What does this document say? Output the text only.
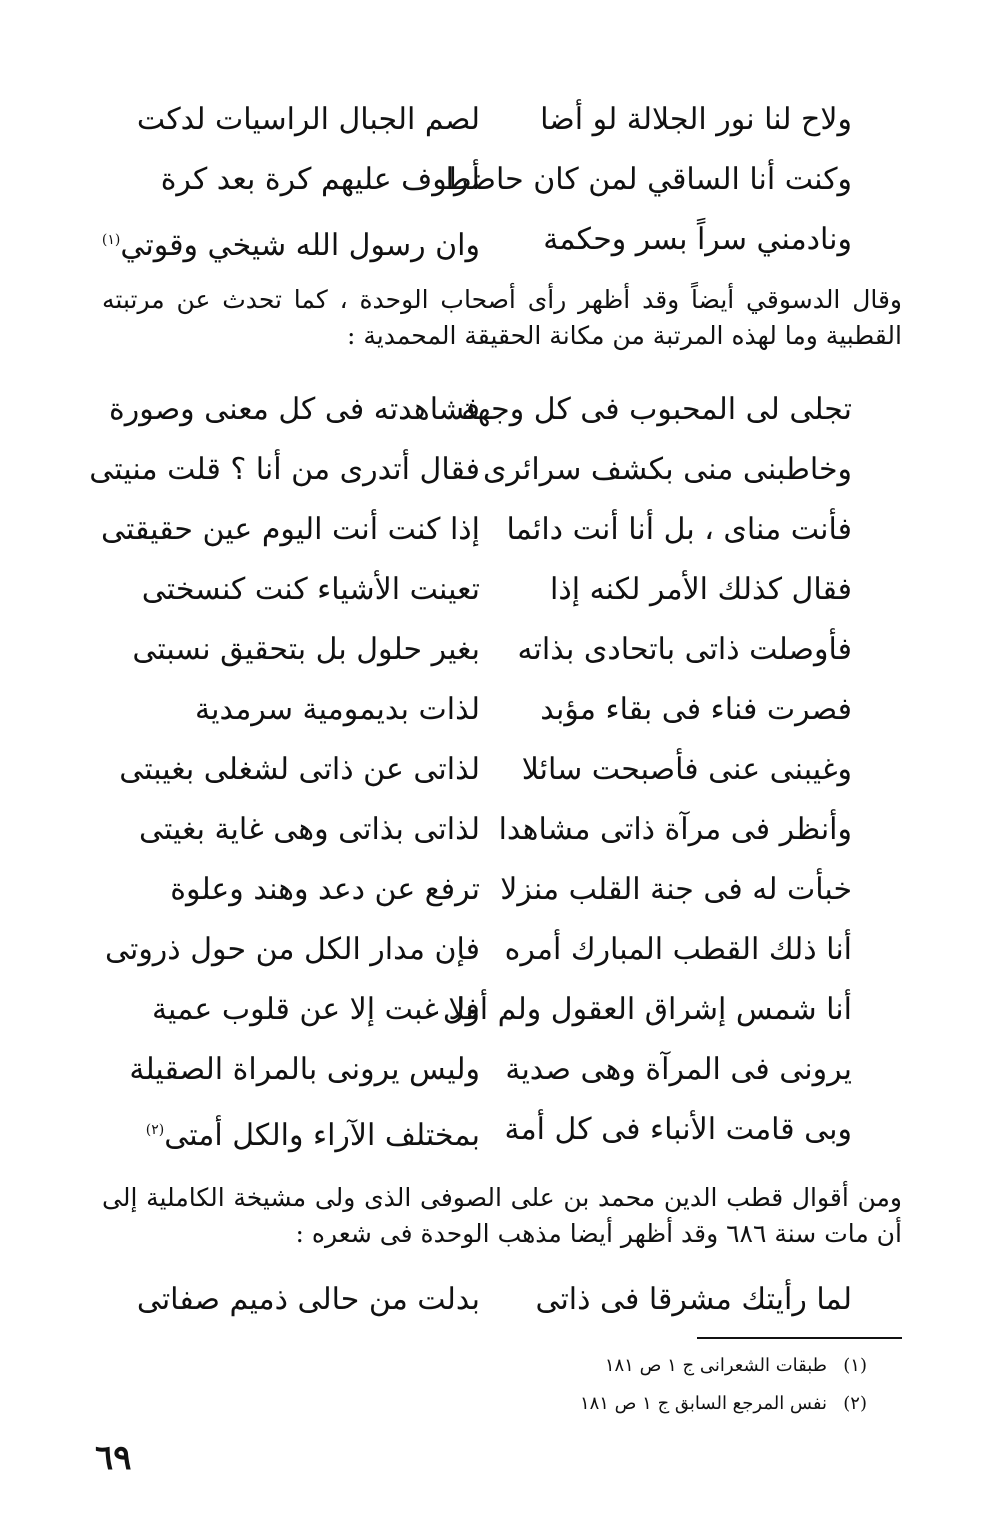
ولاح لنا نور الجلالة لو أضا
لصم الجبال الراسيات لدكت
وكنت أنا الساقي لمن كان حاضرا
أطوف عليهم كرة بعد كرة
ونادمني سراً بسر وحكمة
وان رسول الله شيخي وقوتي$^{(١)}$
وقال الدسوقي أيضاً وقد أظهر رأى أصحاب الوحدة ، كما تحدث عن مرتبته القطبية وما لهذه المرتبة من مكانة الحقيقة المحمدية :
تجلى لى المحبوب فى كل وجهة
فشاهدته فى كل معنى وصورة
وخاطبنى منى بكشف سرائرى
فقال أتدرى من أنا ؟ قلت منيتى
فأنت مناى ، بل أنا أنت دائما
إذا كنت أنت اليوم عين حقيقتى
فقال كذلك الأمر لكنه إذا
تعينت الأشياء كنت كنسختى
فأوصلت ذاتى باتحادى بذاته
بغير حلول بل بتحقيق نسبتى
فصرت فناء فى بقاء مؤبد
لذات بديمومية سرمدية
وغيبنى عنى فأصبحت سائلا
لذاتى عن ذاتى لشغلى بغيبتى
وأنظر فى مرآة ذاتى مشاهدا
لذاتى بذاتى وهى غاية بغيتى
خبأت له فى جنة القلب منزلا
ترفع عن دعد وهند وعلوة
أنا ذلك القطب المبارك أمره
فإن مدار الكل من حول ذروتى
أنا شمس إشراق العقول ولم أفل
ولا غبت إلا عن قلوب عمية
يرونى فى المرآة وهى صدية
وليس يرونى بالمراة الصقيلة
وبى قامت الأنباء فى كل أمة
بمختلف الآراء والكل أمتى$^{(٢)}$
ومن أقوال قطب الدين محمد بن على الصوفى الذى ولى مشيخة الكاملية إلى أن مات سنة ٦٨٦ وقد أظهر أيضا مذهب الوحدة فى شعره :
لما رأيتك مشرقا فى ذاتى
بدلت من حالى ذميم صفاتى
(١)طبقات الشعرانى ج ١ ص ١٨١
(٢)نفس المرجع السابق ج ١ ص ١٨١
٦٩
